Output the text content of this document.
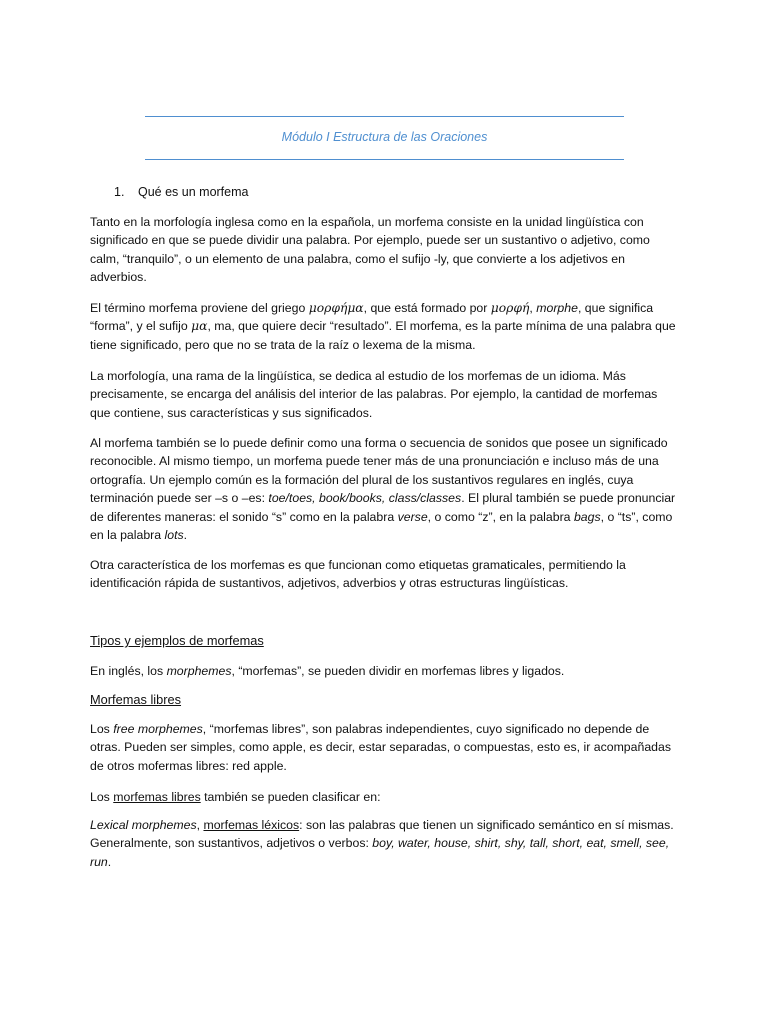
Módulo I Estructura de las Oraciones
1. Qué es un morfema

Tanto en la morfología inglesa como en la española, un morfema consiste en la unidad lingüística con significado en que se puede dividir una palabra. Por ejemplo, puede ser un sustantivo o adjetivo, como calm, “tranquilo”, o un elemento de una palabra, como el sufijo -ly, que convierte a los adjetivos en adverbios.

El término morfema proviene del griego μορφήμα, que está formado por μορφή, morphe, que significa “forma”, y el sufijo μα, ma, que quiere decir “resultado”. El morfema, es la parte mínima de una palabra que tiene significado, pero que no se trata de la raíz o lexema de la misma.

La morfología, una rama de la lingüística, se dedica al estudio de los morfemas de un idioma. Más precisamente, se encarga del análisis del interior de las palabras. Por ejemplo, la cantidad de morfemas que contiene, sus características y sus significados.

Al morfema también se lo puede definir como una forma o secuencia de sonidos que posee un significado reconocible. Al mismo tiempo, un morfema puede tener más de una pronunciación e incluso más de una ortografía. Un ejemplo común es la formación del plural de los sustantivos regulares en inglés, cuya terminación puede ser –s o –es: toe/toes, book/books, class/classes. El plural también se puede pronunciar de diferentes maneras: el sonido “s” como en la palabra verse, o como “z”, en la palabra bags, o “ts”, como en la palabra lots.

Otra característica de los morfemas es que funcionan como etiquetas gramaticales, permitiendo la identificación rápida de sustantivos, adjetivos, adverbios y otras estructuras lingüísticas.

Tipos y ejemplos de morfemas

En inglés, los morphemes, “morfemas”, se pueden dividir en morfemas libres y ligados.

Morfemas libres

Los free morphemes, “morfemas libres”, son palabras independientes, cuyo significado no depende de otras. Pueden ser simples, como apple, es decir, estar separadas, o compuestas, esto es, ir acompañadas de otros mofermas libres: red apple.

Los morfemas libres también se pueden clasificar en:

Lexical morphemes, morfemas léxicos: son las palabras que tienen un significado semántico en sí mismas. Generalmente, son sustantivos, adjetivos o verbos: boy, water, house, shirt, shy, tall, short, eat, smell, see, run.
